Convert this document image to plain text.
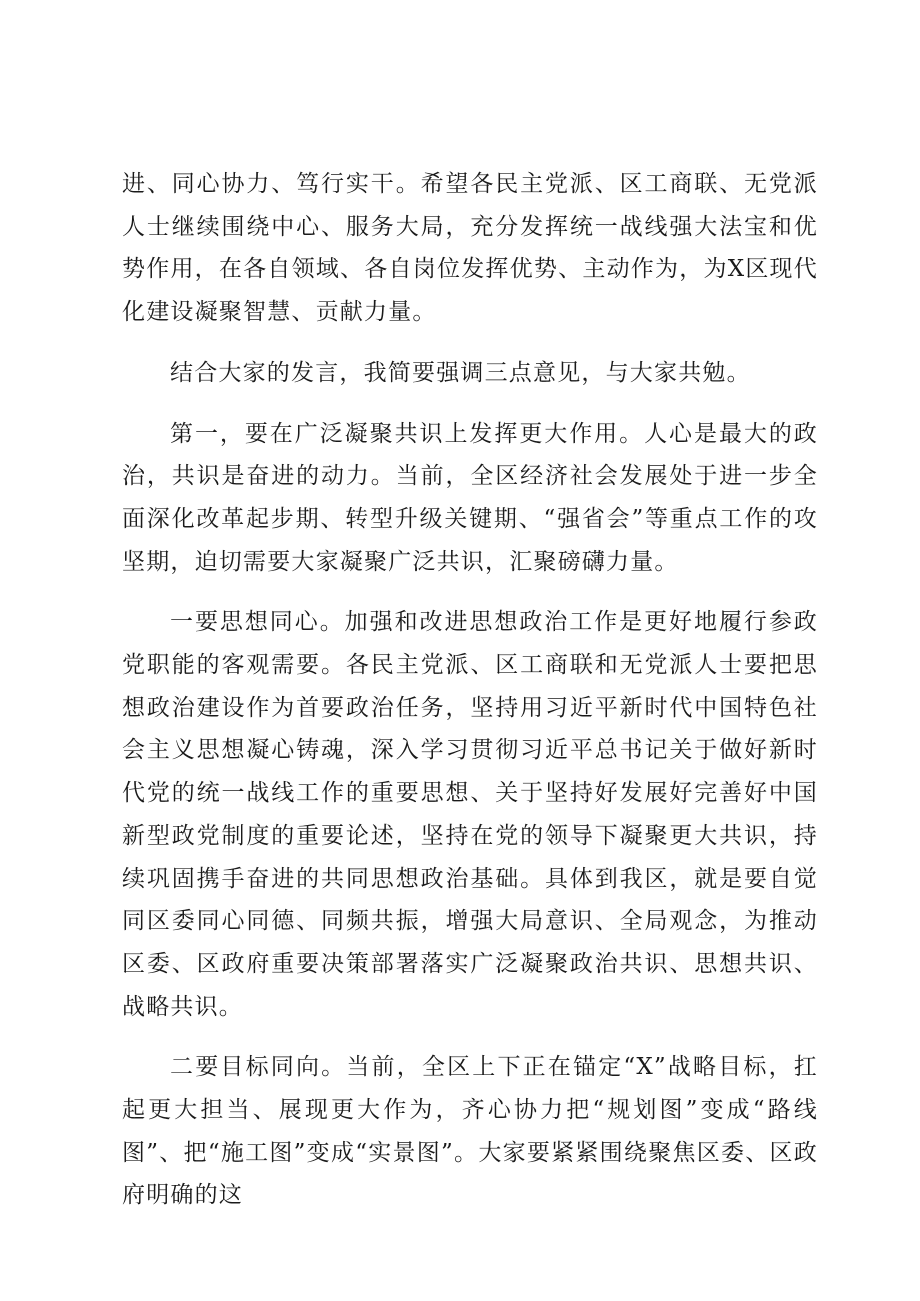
进、同心协力、笃行实干。希望各民主党派、区工商联、无党派人士继续围绕中心、服务大局，充分发挥统一战线强大法宝和优势作用，在各自领域、各自岗位发挥优势、主动作为，为X区现代化建设凝聚智慧、贡献力量。

结合大家的发言，我简要强调三点意见，与大家共勉。

第一，要在广泛凝聚共识上发挥更大作用。人心是最大的政治，共识是奋进的动力。当前，全区经济社会发展处于进一步全面深化改革起步期、转型升级关键期、“强省会”等重点工作的攻坚期，迫切需要大家凝聚广泛共识，汇聚磅礴力量。

一要思想同心。加强和改进思想政治工作是更好地履行参政党职能的客观需要。各民主党派、区工商联和无党派人士要把思想政治建设作为首要政治任务，坚持用习近平新时代中国特色社会主义思想凝心铸魂，深入学习贯彻习近平总书记关于做好新时代党的统一战线工作的重要思想、关于坚持好发展好完善好中国新型政党制度的重要论述，坚持在党的领导下凝聚更大共识，持续巩固携手奋进的共同思想政治基础。具体到我区，就是要自觉同区委同心同德、同频共振，增强大局意识、全局观念，为推动区委、区政府重要决策部署落实广泛凝聚政治共识、思想共识、战略共识。

二要目标同向。当前，全区上下正在锚定“X”战略目标，扛起更大担当、展现更大作为，齐心协力把“规划图”变成“路线图”、把“施工图”变成“实景图”。大家要紧紧围绕聚焦区委、区政府明确的这
